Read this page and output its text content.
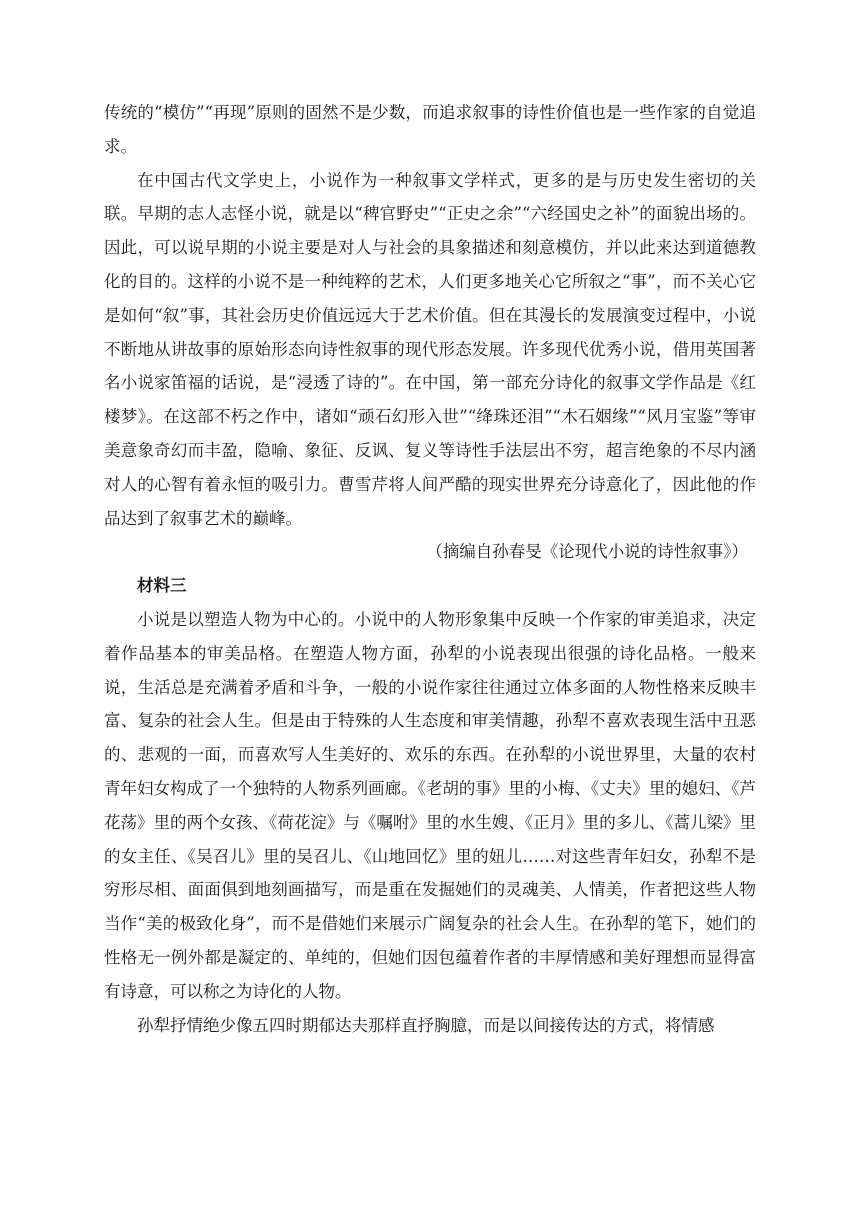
传统的“模仿”“再现”原则的固然不是少数，而追求叙事的诗性价值也是一些作家的自觉追求。

在中国古代文学史上，小说作为一种叙事文学样式，更多的是与历史发生密切的关联。早期的志人志怪小说，就是以“稗官野史”“正史之余”“六经国史之补”的面貌出场的。因此，可以说早期的小说主要是对人与社会的具象描述和刻意模仿，并以此来达到道德教化的目的。这样的小说不是一种纯粹的艺术，人们更多地关心它所叙之“事”，而不关心它是如何“叙”事，其社会历史价值远远大于艺术价值。但在其漫长的发展演变过程中，小说不断地从讲故事的原始形态向诗性叙事的现代形态发展。许多现代优秀小说，借用英国著名小说家笛福的话说，是“浸透了诗的”。在中国，第一部充分诗化的叙事文学作品是《红楼梦》。在这部不朽之作中，诸如“顽石幻形入世”“绛珠还泪”“木石姻缘”“风月宝鉴”等审美意象奇幻而丰盈，隐喻、象征、反讽、复义等诗性手法层出不穷，超言绝象的不尽内涵对人的心智有着永恒的吸引力。曹雪芹将人间严酷的现实世界充分诗意化了，因此他的作品达到了叙事艺术的巅峰。

（摘编自孙春旻《论现代小说的诗性叙事》）

材料三

小说是以塑造人物为中心的。小说中的人物形象集中反映一个作家的审美追求，决定着作品基本的审美品格。在塑造人物方面，孙犁的小说表现出很强的诗化品格。一般来说，生活总是充满着矛盾和斗争，一般的小说作家往往通过立体多面的人物性格来反映丰富、复杂的社会人生。但是由于特殊的人生态度和审美情趣，孙犁不喜欢表现生活中丑恶的、悲观的一面，而喜欢写人生美好的、欢乐的东西。在孙犁的小说世界里，大量的农村青年妇女构成了一个独特的人物系列画廊。《老胡的事》里的小梅、《丈夫》里的媳妇、《芦花荡》里的两个女孩、《荷花淀》与《嘱咐》里的水生嫂、《正月》里的多儿、《蒿儿梁》里的女主任、《吴召儿》里的吴召儿、《山地回忆》里的妞儿……对这些青年妇女，孙犁不是穷形尽相、面面俱到地刻画描写，而是重在发掘她们的灵魂美、人情美，作者把这些人物当作“美的极致化身”，而不是借她们来展示广阔复杂的社会人生。在孙犁的笔下，她们的性格无一例外都是凝定的、单纯的，但她们因包蕴着作者的丰厚情感和美好理想而显得富有诗意，可以称之为诗化的人物。

孙犁抒情绝少像五四时期郁达夫那样直抒胸臆，而是以间接传达的方式，将情感
